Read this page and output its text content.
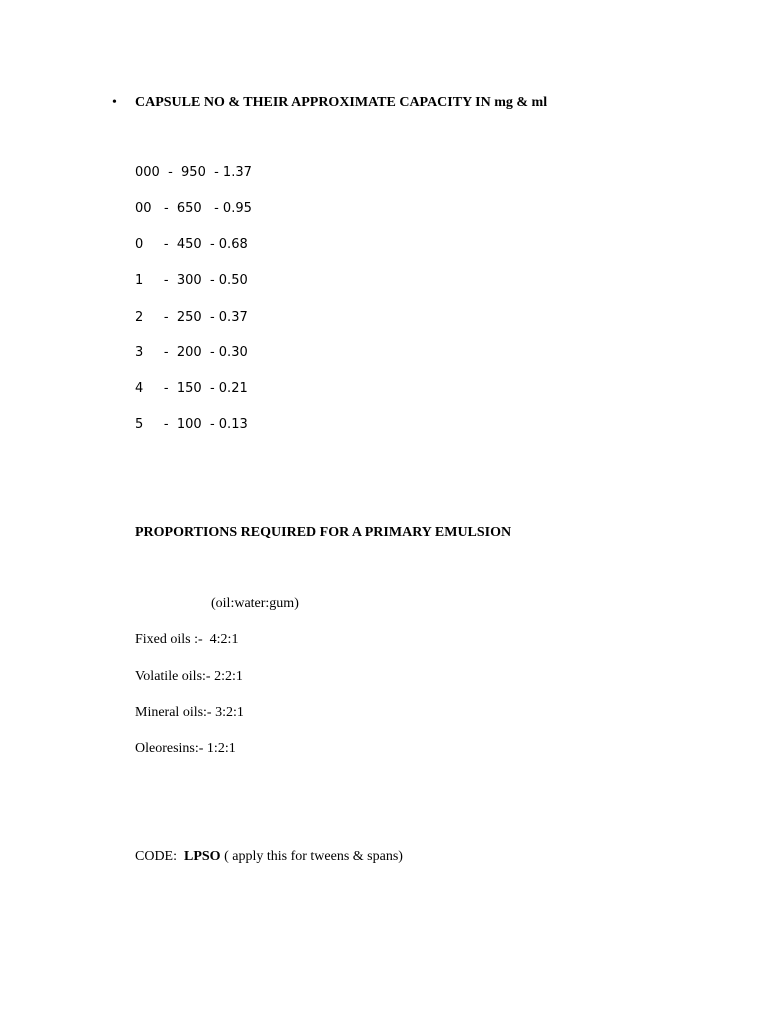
• CAPSULE NO & THEIR APPROXIMATE CAPACITY IN mg & ml
000  -  950  - 1.37
00   -  650   - 0.95
0     -  450  - 0.68
1     -  300  - 0.50
2     -  250  - 0.37
3     -  200  - 0.30
4     -  150  - 0.21
5     -  100  - 0.13
PROPORTIONS REQUIRED FOR A PRIMARY EMULSION
(oil:water:gum)
Fixed oils :-  4:2:1
Volatile oils:- 2:2:1
Mineral oils:- 3:2:1
Oleoresins:- 1:2:1
CODE:  LPSO ( apply this for tweens & spans)
